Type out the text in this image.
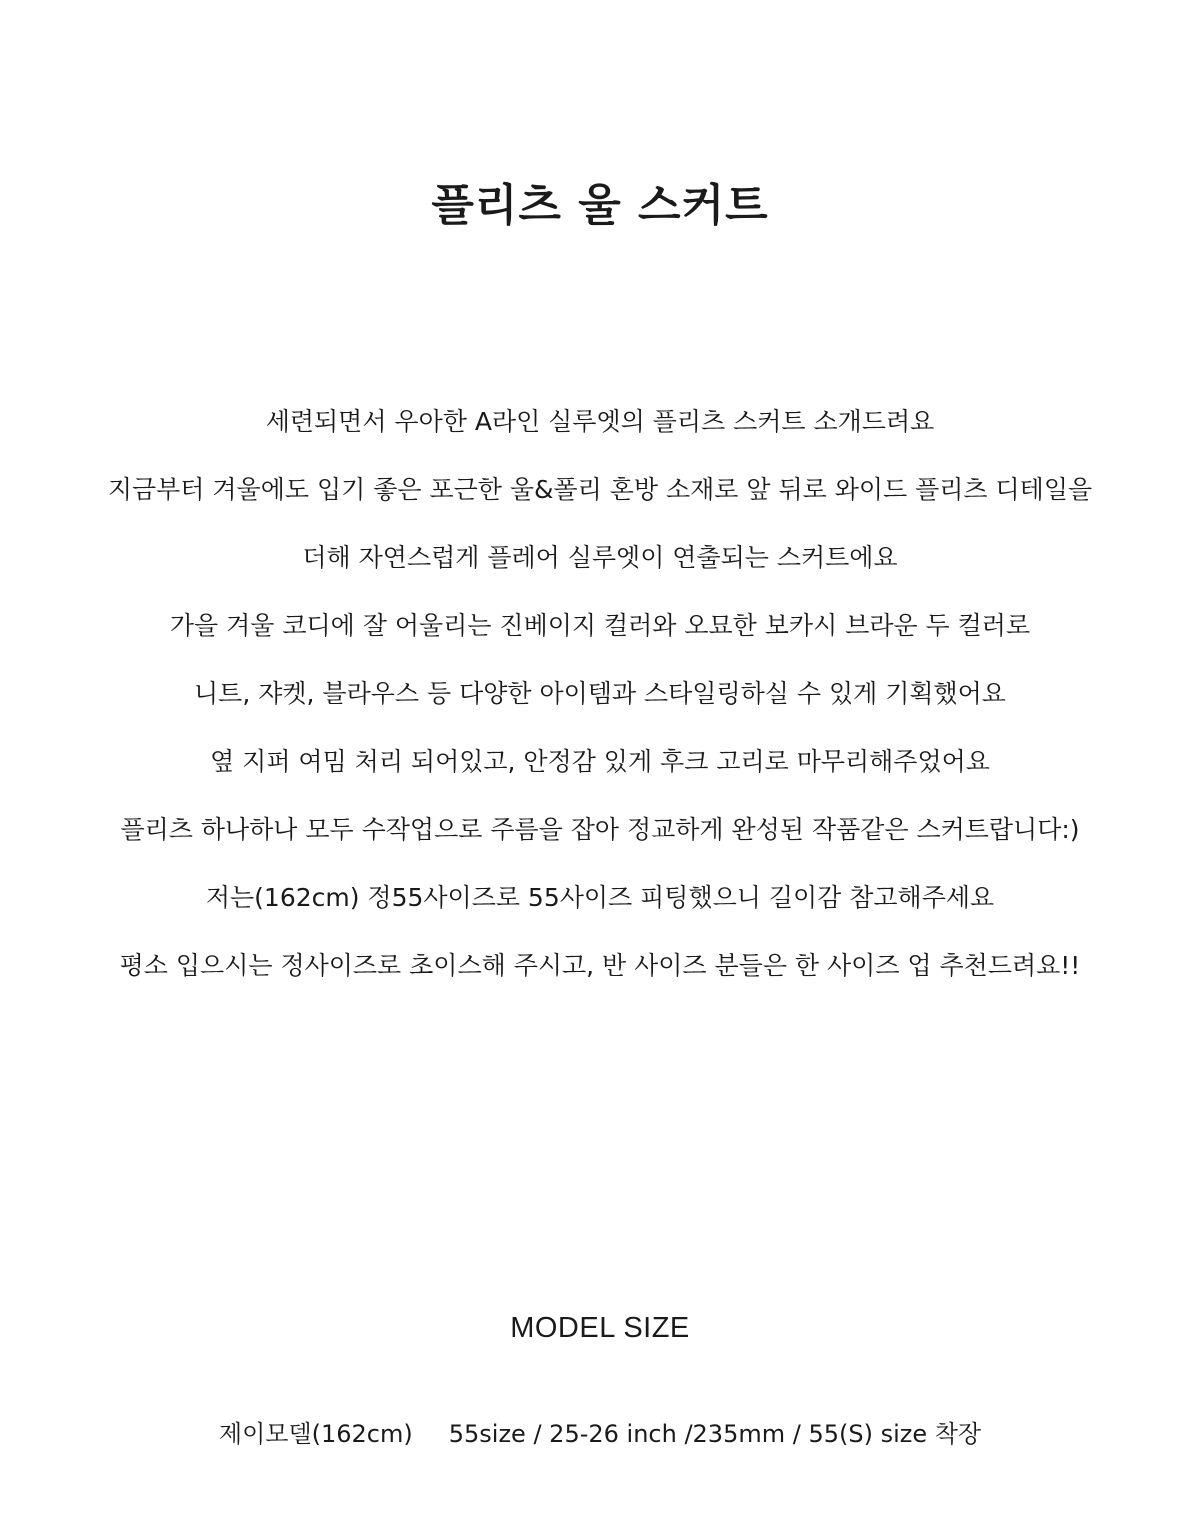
플리츠 울 스커트
세련되면서 우아한 A라인 실루엣의 플리츠 스커트 소개드려요
지금부터 겨울에도 입기 좋은 포근한 울&폴리 혼방 소재로 앞 뒤로 와이드 플리츠 디테일을
더해 자연스럽게 플레어 실루엣이 연출되는 스커트에요
가을 겨울 코디에 잘 어울리는 진베이지 컬러와 오묘한 보카시 브라운 두 컬러로
니트, 쟈켓, 블라우스 등 다양한 아이템과 스타일링하실 수 있게 기획했어요
옆 지퍼 여밈 처리 되어있고, 안정감 있게 후크 고리로 마무리해주었어요
플리츠 하나하나 모두 수작업으로 주름을 잡아 정교하게 완성된 작품같은 스커트랍니다:)
저는(162cm) 정55사이즈로 55사이즈 피팅했으니 길이감 참고해주세요
평소 입으시는 정사이즈로 초이스해 주시고, 반 사이즈 분들은 한 사이즈 업 추천드려요!!
MODEL SIZE
제이모델(162cm) 55size / 25-26 inch /235mm / 55(S) size 착장
